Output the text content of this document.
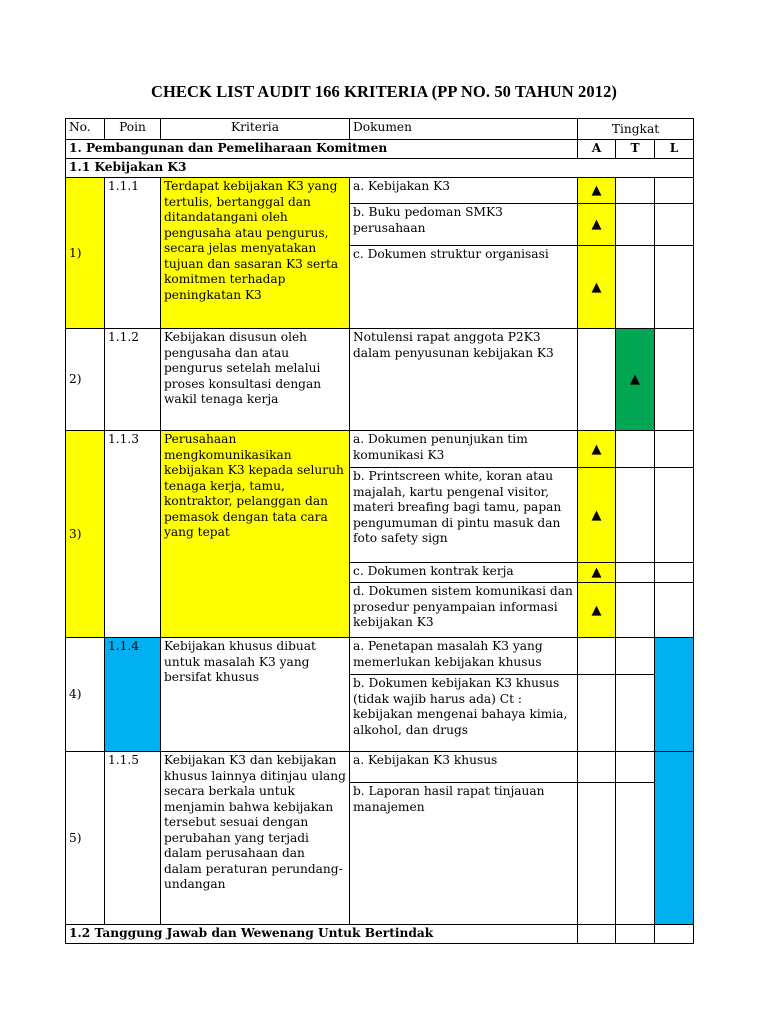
CHECK LIST AUDIT 166 KRITERIA (PP NO. 50 TAHUN 2012)
No.	Poin	Kriteria	Dokumen	Tingkat		
1. Pembangunan dan Pemeliharaan Komitmen				A	T	L
1.1 Kebijakan K3						
1)	1.1.1	Terdapat kebijakan K3 yang tertulis, bertanggal dan ditandatangani oleh pengusaha atau pengurus, secara jelas menyatakan tujuan dan sasaran K3 serta komitmen terhadap peningkatan K3	a. Kebijakan K3	▲		
			b. Buku pedoman SMK3 perusahaan	▲		
			c. Dokumen struktur organisasi	▲		
2)	1.1.2	Kebijakan disusun oleh pengusaha dan atau pengurus setelah melalui proses konsultasi dengan wakil tenaga kerja	Notulensi rapat anggota P2K3 dalam penyusunan kebijakan K3		▲	
3)	1.1.3	Perusahaan mengkomunikasikan kebijakan K3 kepada seluruh tenaga kerja, tamu, kontraktor, pelanggan dan pemasok dengan tata cara yang tepat	a. Dokumen penunjukan tim komunikasi K3	▲		
			b. Printscreen white, koran atau majalah, kartu pengenal visitor, materi breafing bagi tamu, papan pengumuman di pintu masuk dan foto safety sign	▲		
			c. Dokumen kontrak kerja	▲		
			d. Dokumen sistem komunikasi dan prosedur penyampaian informasi kebijakan K3	▲		
4)	1.1.4	Kebijakan khusus dibuat untuk masalah K3 yang bersifat khusus	a. Penetapan masalah K3 yang memerlukan kebijakan khusus			
			b. Dokumen kebijakan K3 khusus (tidak wajib harus ada) Ct : kebijakan mengenai bahaya kimia, alkohol, dan drugs			
5)	1.1.5	Kebijakan K3 dan kebijakan khusus lainnya ditinjau ulang secara berkala untuk menjamin bahwa kebijakan tersebut sesuai dengan perubahan yang terjadi dalam perusahaan dan dalam peraturan perundang-undangan	a. Kebijakan K3 khusus			
			b. Laporan hasil rapat tinjauan manajemen			
1.2 Tanggung Jawab dan Wewenang Untuk Bertindak						
